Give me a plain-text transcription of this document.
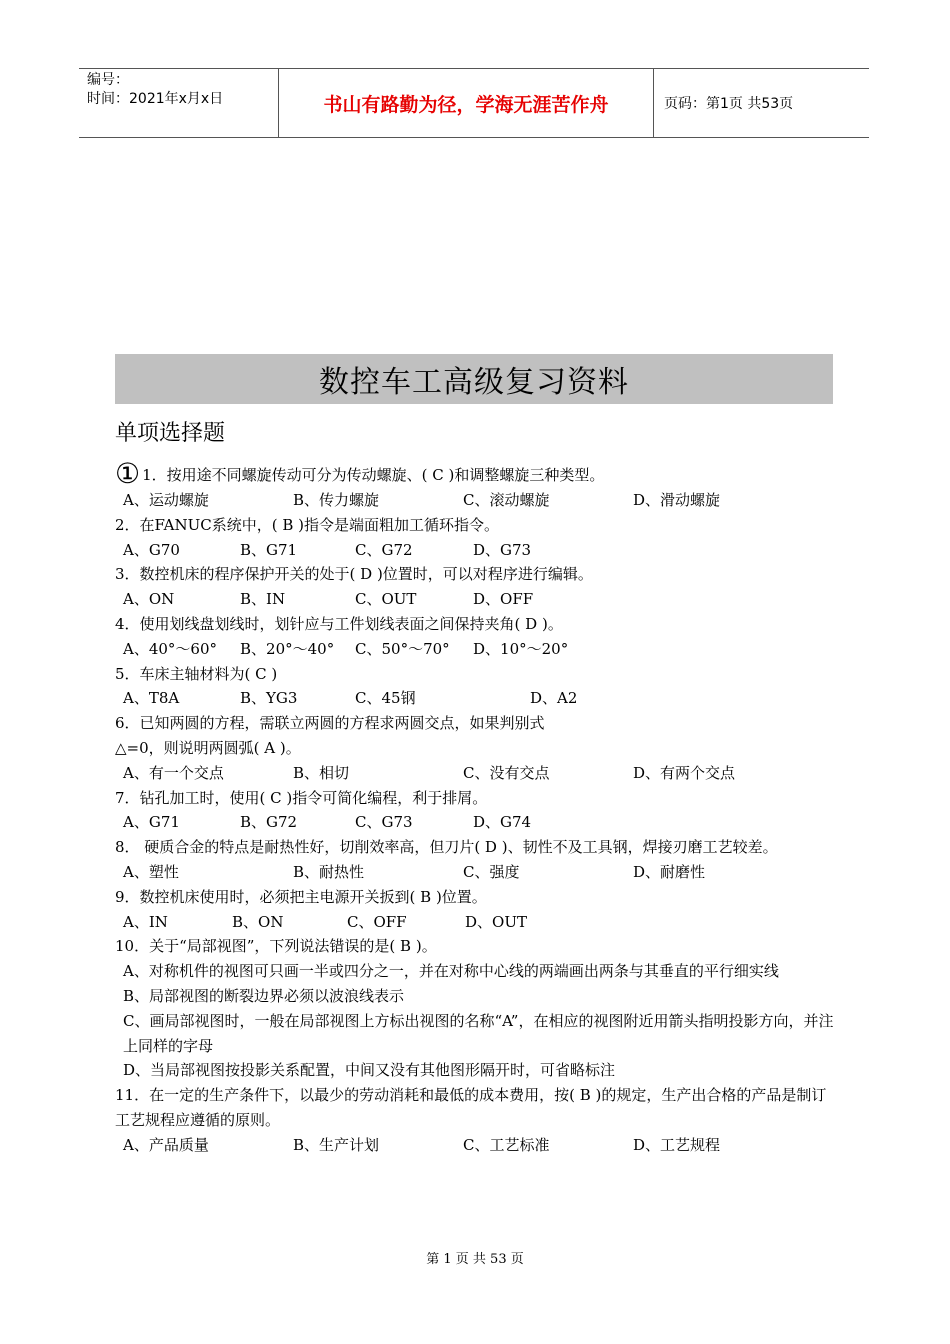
编号：
时间：2021年x月x日	书山有路勤为径，学海无涯苦作舟	页码：第1页 共53页
数控车工高级复习资料
单项选择题
① 1．按用途不同螺旋传动可分为传动螺旋、( C )和调整螺旋三种类型。
A、运动螺旋	B、传力螺旋	C、滚动螺旋	D、滑动螺旋
2．在FANUC系统中，( B )指令是端面粗加工循环指令。
A、G70	B、G71	C、G72	D、G73
3．数控机床的程序保护开关的处于( D )位置时，可以对程序进行编辑。
A、ON	B、IN	C、OUT	D、OFF
4．使用划线盘划线时，划针应与工件划线表面之间保持夹角( D )。
A、40°～60°	B、20°～40°	C、50°～70°	D、10°～20°
5．车床主轴材料为( C )
A、T8A	B、YG3	C、45钢	D、A2
6．已知两圆的方程，需联立两圆的方程求两圆交点，如果判别式
△=0，则说明两圆弧( A )。
A、有一个交点	B、相切	C、没有交点	D、有两个交点
7．钻孔加工时，使用( C )指令可简化编程，利于排屑。
A、G71	B、G72	C、G73	D、G74
8． 硬质合金的特点是耐热性好，切削效率高，但刀片( D )、韧性不及工具钢，焊接刃磨工艺较差。
A、塑性	B、耐热性	C、强度	D、耐磨性
9．数控机床使用时，必须把主电源开关扳到( B )位置。
A、IN	B、ON	C、OFF	D、OUT
10．关于“局部视图”，下列说法错误的是( B )。
A、对称机件的视图可只画一半或四分之一，并在对称中心线的两端画出两条与其垂直的平行细实线
B、局部视图的断裂边界必须以波浪线表示
C、画局部视图时，一般在局部视图上方标出视图的名称“A”，在相应的视图附近用箭头指明投影方向，并注上同样的字母
D、当局部视图按投影关系配置，中间又没有其他图形隔开时，可省略标注
11．在一定的生产条件下，以最少的劳动消耗和最低的成本费用，按( B )的规定，生产出合格的产品是制订工艺规程应遵循的原则。
A、产品质量	B、生产计划	C、工艺标准	D、工艺规程
第 1 页 共 53 页
